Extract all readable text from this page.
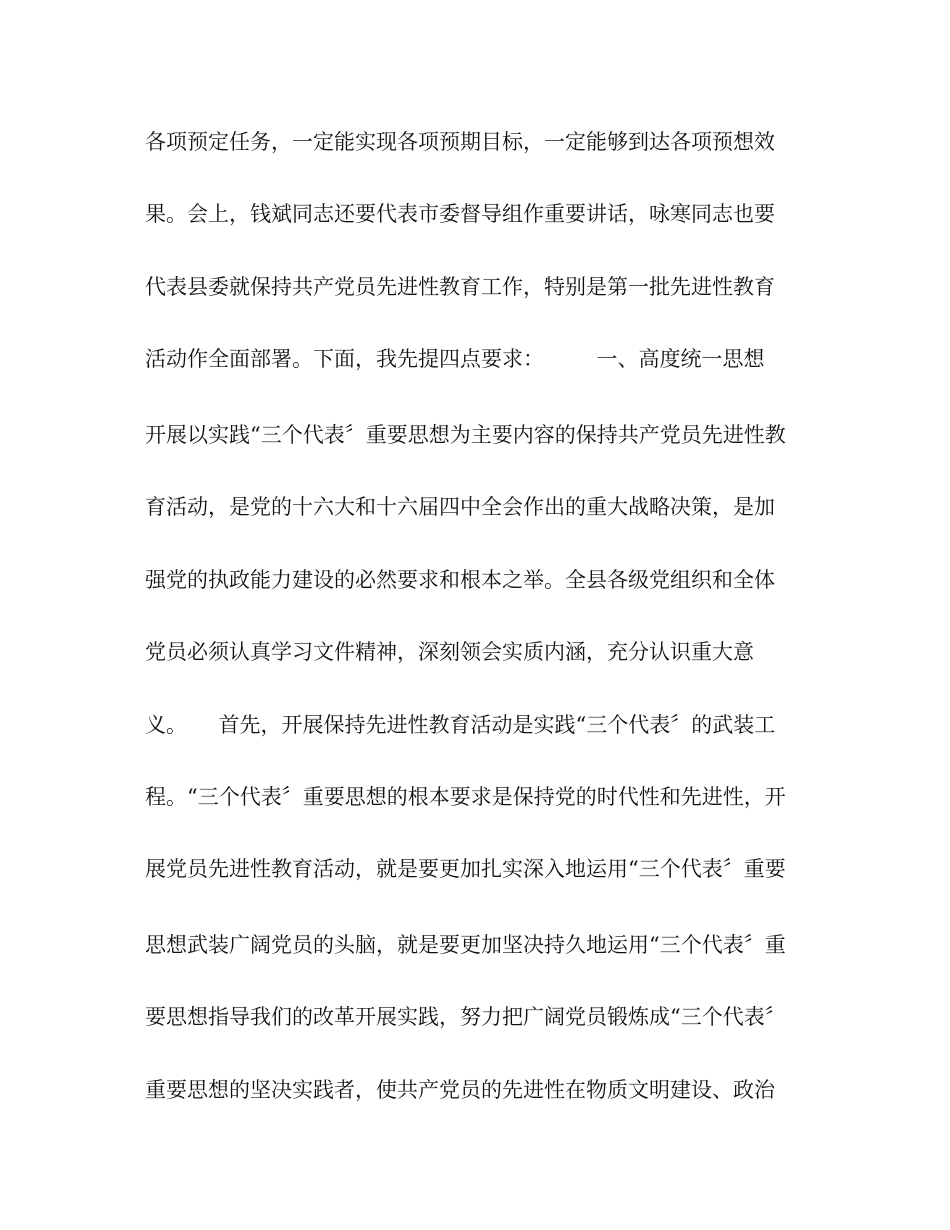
各项预定任务，一定能实现各项预期目标，一定能够到达各项预想效
果。会上，钱斌同志还要代表市委督导组作重要讲话，咏寒同志也要
代表县委就保持共产党员先进性教育工作，特别是第一批先进性教育
活动作全面部署。下面，我先提四点要求：　　　一、高度统一思想
开展以实践“三个代表〞重要思想为主要内容的保持共产党员先进性教
育活动，是党的十六大和十六届四中全会作出的重大战略决策，是加
强党的执政能力建设的必然要求和根本之举。全县各级党组织和全体
党员必须认真学习文件精神，深刻领会实质内涵，充分认识重大意
义。　　首先，开展保持先进性教育活动是实践“三个代表〞的武装工
程。“三个代表〞重要思想的根本要求是保持党的时代性和先进性，开
展党员先进性教育活动，就是要更加扎实深入地运用“三个代表〞重要
思想武装广阔党员的头脑，就是要更加坚决持久地运用“三个代表〞重
要思想指导我们的改革开展实践，努力把广阔党员锻炼成“三个代表〞
重要思想的坚决实践者，使共产党员的先进性在物质文明建设、政治
